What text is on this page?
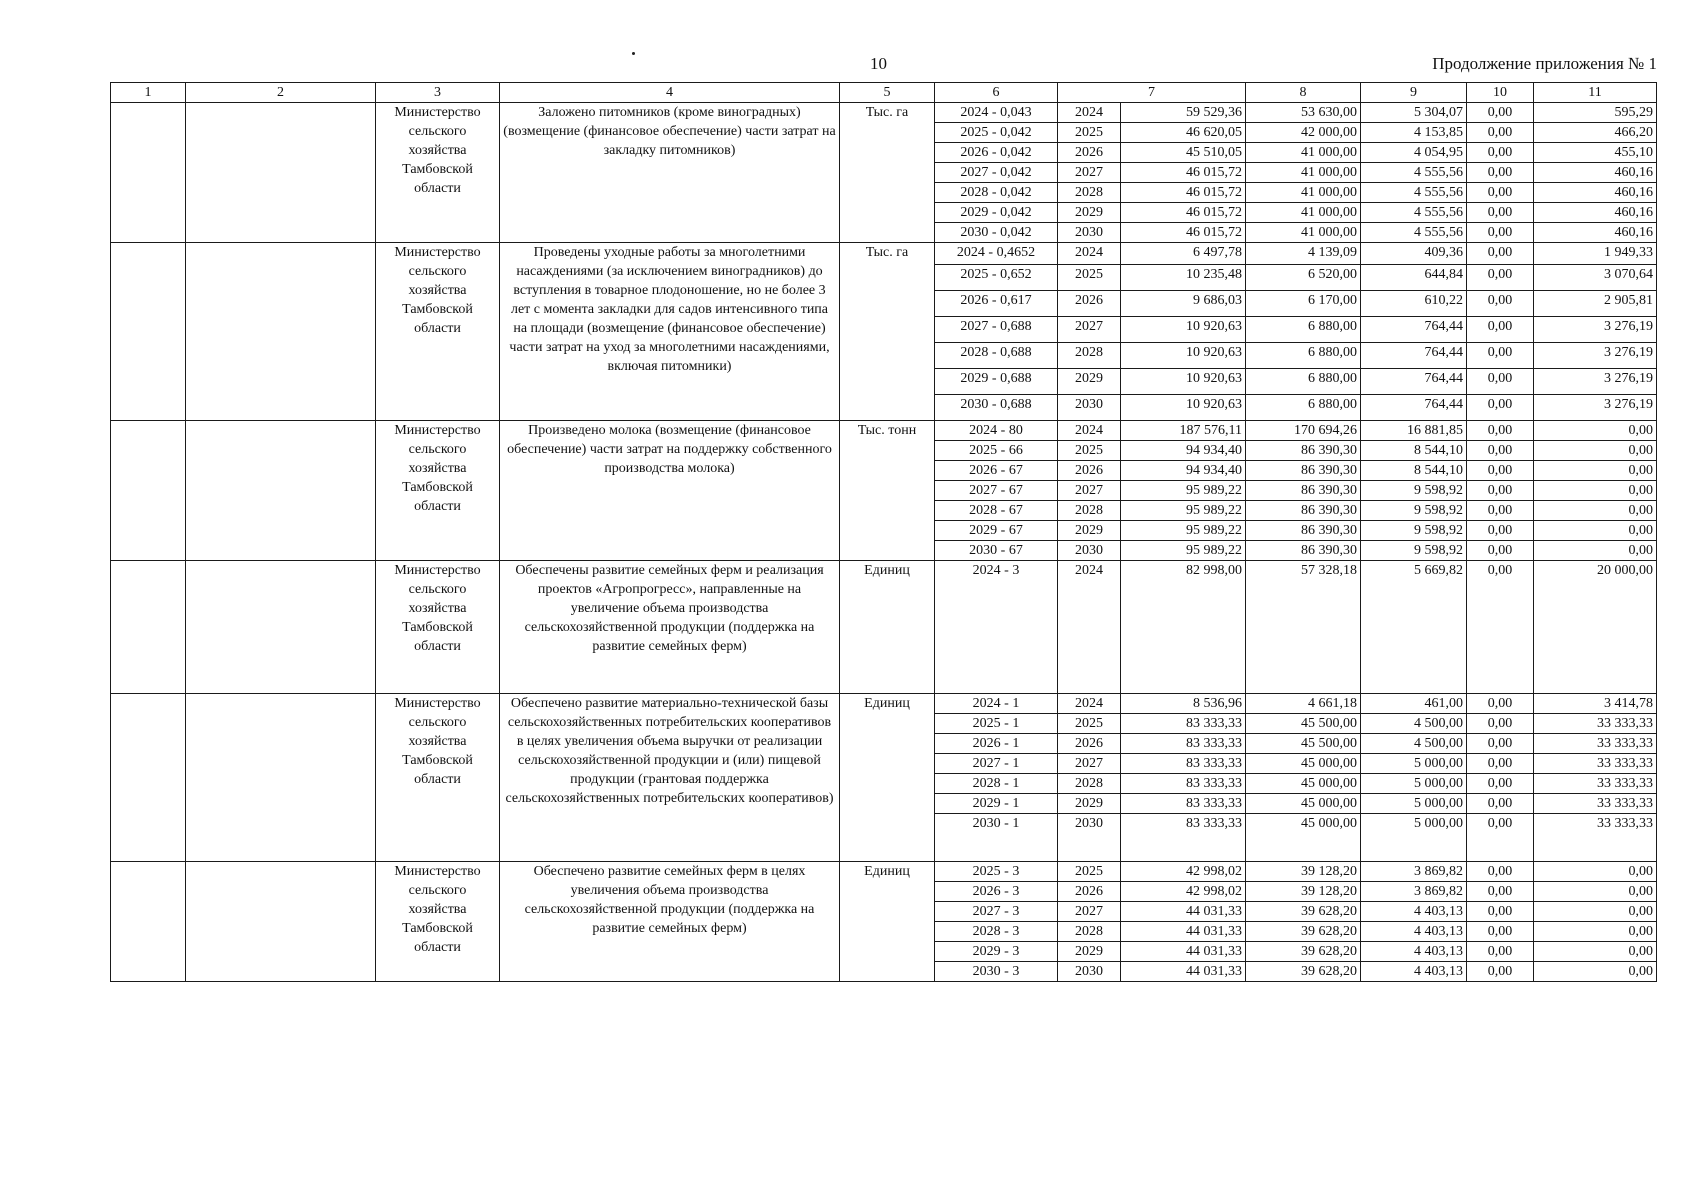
10	Продолжение приложения № 1
1	2	3	4	5	6	7		8	9	10	11
		Министерство сельского хозяйства Тамбовской области	Заложено питомников (кроме виноградных) (возмещение (финансовое обеспечение) части затрат на закладку питомников)	Тыс. га	2024 - 0,043	2024	59 529,36	53 630,00	5 304,07	0,00	595,29
					2025 - 0,042	2025	46 620,05	42 000,00	4 153,85	0,00	466,20
					2026 - 0,042	2026	45 510,05	41 000,00	4 054,95	0,00	455,10
					2027 - 0,042	2027	46 015,72	41 000,00	4 555,56	0,00	460,16
					2028 - 0,042	2028	46 015,72	41 000,00	4 555,56	0,00	460,16
					2029 - 0,042	2029	46 015,72	41 000,00	4 555,56	0,00	460,16
					2030 - 0,042	2030	46 015,72	41 000,00	4 555,56	0,00	460,16
		Министерство сельского хозяйства Тамбовской области	Проведены уходные работы за многолетними насаждениями (за исключением виноградников) до вступления в товарное плодоношение, но не более 3 лет с момента закладки для садов интенсивного типа на площади (возмещение (финансовое обеспечение) части затрат на уход за многолетними насаждениями, включая питомники)	Тыс. га	2024 - 0,4652	2024	6 497,78	4 139,09	409,36	0,00	1 949,33
					2025 - 0,652	2025	10 235,48	6 520,00	644,84	0,00	3 070,64
					2026 - 0,617	2026	9 686,03	6 170,00	610,22	0,00	2 905,81
					2027 - 0,688	2027	10 920,63	6 880,00	764,44	0,00	3 276,19
					2028 - 0,688	2028	10 920,63	6 880,00	764,44	0,00	3 276,19
					2029 - 0,688	2029	10 920,63	6 880,00	764,44	0,00	3 276,19
					2030 - 0,688	2030	10 920,63	6 880,00	764,44	0,00	3 276,19
		Министерство сельского хозяйства Тамбовской области	Произведено молока (возмещение (финансовое обеспечение) части затрат на поддержку собственного производства молока)	Тыс. тонн	2024 - 80	2024	187 576,11	170 694,26	16 881,85	0,00	0,00
					2025 - 66	2025	94 934,40	86 390,30	8 544,10	0,00	0,00
					2026 - 67	2026	94 934,40	86 390,30	8 544,10	0,00	0,00
					2027 - 67	2027	95 989,22	86 390,30	9 598,92	0,00	0,00
					2028 - 67	2028	95 989,22	86 390,30	9 598,92	0,00	0,00
					2029 - 67	2029	95 989,22	86 390,30	9 598,92	0,00	0,00
					2030 - 67	2030	95 989,22	86 390,30	9 598,92	0,00	0,00
		Министерство сельского хозяйства Тамбовской области	Обеспечены развитие семейных ферм и реализация проектов «Агропрогресс», направленные на увеличение объема производства сельскохозяйственной продукции (поддержка на развитие семейных ферм)	Единиц	2024 - 3	2024	82 998,00	57 328,18	5 669,82	0,00	20 000,00
		Министерство сельского хозяйства Тамбовской области	Обеспечено развитие материально-технической базы сельскохозяйственных потребительских кооперативов в целях увеличения объема выручки от реализации сельскохозяйственной продукции и (или) пищевой продукции (грантовая поддержка сельскохозяйственных потребительских кооперативов)	Единиц	2024 - 1	2024	8 536,96	4 661,18	461,00	0,00	3 414,78
					2025 - 1	2025	83 333,33	45 500,00	4 500,00	0,00	33 333,33
					2026 - 1	2026	83 333,33	45 500,00	4 500,00	0,00	33 333,33
					2027 - 1	2027	83 333,33	45 000,00	5 000,00	0,00	33 333,33
					2028 - 1	2028	83 333,33	45 000,00	5 000,00	0,00	33 333,33
					2029 - 1	2029	83 333,33	45 000,00	5 000,00	0,00	33 333,33
					2030 - 1	2030	83 333,33	45 000,00	5 000,00	0,00	33 333,33
		Министерство сельского хозяйства Тамбовской области	Обеспечено развитие семейных ферм в целях увеличения объема производства сельскохозяйственной продукции (поддержка на развитие семейных ферм)	Единиц	2025 - 3	2025	42 998,02	39 128,20	3 869,82	0,00	0,00
					2026 - 3	2026	42 998,02	39 128,20	3 869,82	0,00	0,00
					2027 - 3	2027	44 031,33	39 628,20	4 403,13	0,00	0,00
					2028 - 3	2028	44 031,33	39 628,20	4 403,13	0,00	0,00
					2029 - 3	2029	44 031,33	39 628,20	4 403,13	0,00	0,00
					2030 - 3	2030	44 031,33	39 628,20	4 403,13	0,00	0,00
